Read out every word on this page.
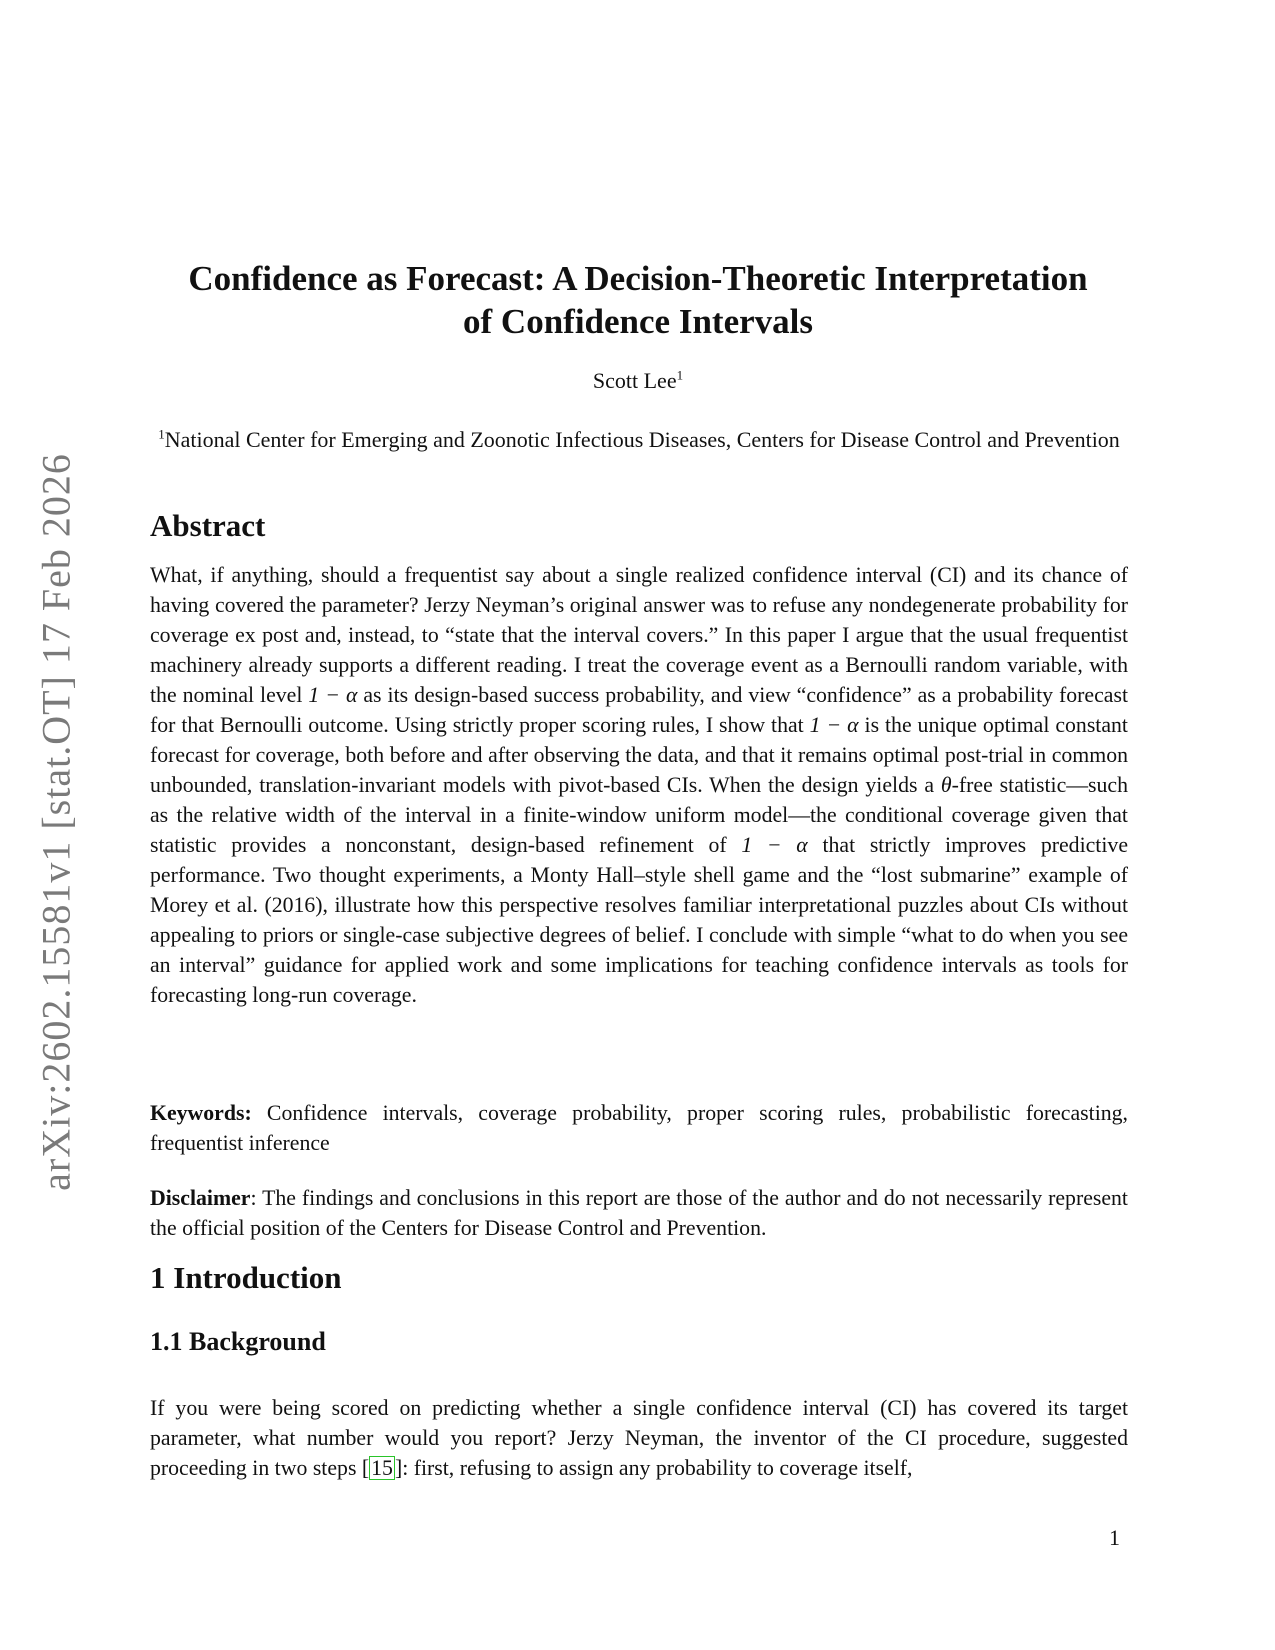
arXiv:2602.15581v1 [stat.OT] 17 Feb 2026
Confidence as Forecast: A Decision-Theoretic Interpretation
of Confidence Intervals
Scott Lee$^1$
$^1$National Center for Emerging and Zoonotic Infectious Diseases, Centers for Disease Control and Prevention
Abstract

What, if anything, should a frequentist say about a single realized confidence interval (CI) and its chance of having covered the parameter? Jerzy Neyman’s original answer was to refuse any nondegenerate probability for coverage ex post and, instead, to “state that the interval covers.” In this paper I argue that the usual frequentist machinery already supports a different reading. I treat the coverage event as a Bernoulli random variable, with the nominal level 1 − α as its design-based success probability, and view “confidence” as a probability forecast for that Bernoulli outcome. Using strictly proper scoring rules, I show that 1 − α is the unique optimal constant forecast for coverage, both before and after observing the data, and that it remains optimal post-trial in common unbounded, translation-invariant models with pivot-based CIs. When the design yields a θ-free statistic—such as the relative width of the interval in a finite-window uniform model—the conditional coverage given that statistic provides a nonconstant, design-based refinement of 1 − α that strictly improves predictive performance. Two thought experiments, a Monty Hall–style shell game and the “lost submarine” example of Morey et al. (2016), illustrate how this perspective resolves familiar interpretational puzzles about CIs without appealing to priors or single-case subjective degrees of belief. I conclude with simple “what to do when you see an interval” guidance for applied work and some implications for teaching confidence intervals as tools for forecasting long-run coverage.

Keywords: Confidence intervals, coverage probability, proper scoring rules, probabilistic forecasting, frequentist inference

Disclaimer: The findings and conclusions in this report are those of the author and do not necessarily represent the official position of the Centers for Disease Control and Prevention.

1 Introduction
1.1 Background

If you were being scored on predicting whether a single confidence interval (CI) has covered its target parameter, what number would you report? Jerzy Neyman, the inventor of the CI procedure, suggested proceeding in two steps [15]: first, refusing to assign any probability to coverage itself,

1
